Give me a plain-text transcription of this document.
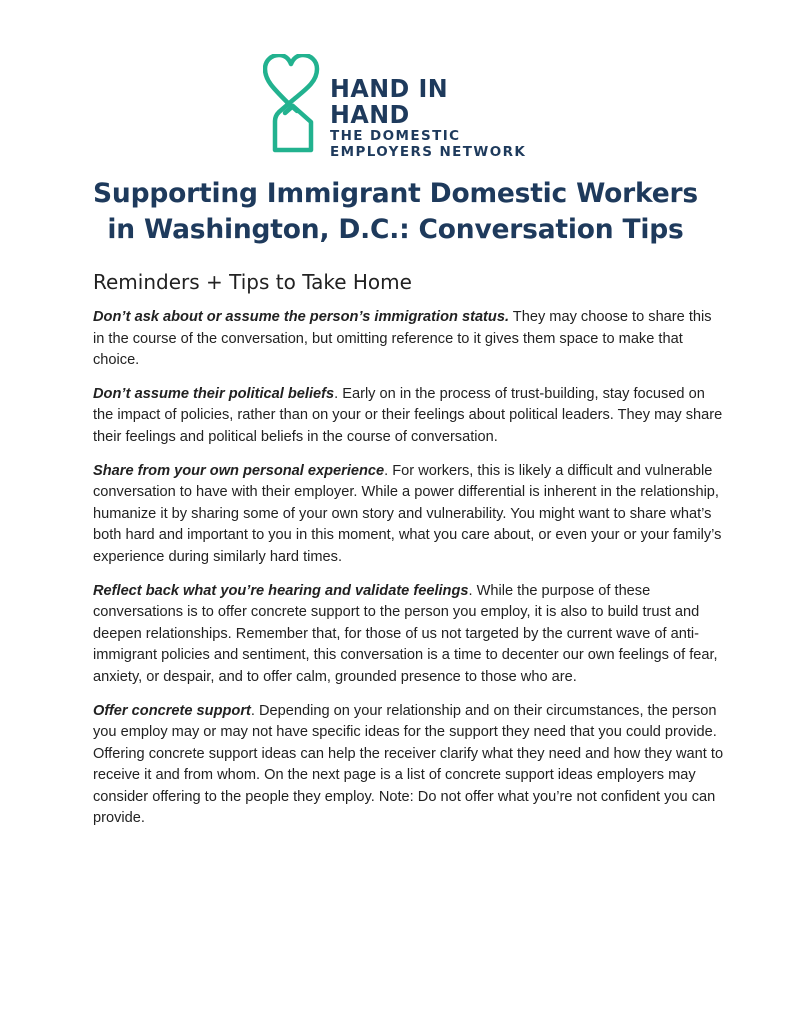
HAND IN HAND
THE DOMESTIC
EMPLOYERS NETWORK
Supporting Immigrant Domestic Workers
in Washington, D.C.: Conversation Tips
Reminders + Tips to Take Home

Don’t ask about or assume the person’s immigration status. They may choose to share this in the course of the conversation, but omitting reference to it gives them space to make that choice.

Don’t assume their political beliefs. Early on in the process of trust-building, stay focused on the impact of policies, rather than on your or their feelings about political leaders. They may share their feelings and political beliefs in the course of conversation.

Share from your own personal experience. For workers, this is likely a difficult and vulnerable conversation to have with their employer. While a power differential is inherent in the relationship, humanize it by sharing some of your own story and vulnerability. You might want to share what’s both hard and important to you in this moment, what you care about, or even your or your family’s experience during similarly hard times.

Reflect back what you’re hearing and validate feelings. While the purpose of these conversations is to offer concrete support to the person you employ, it is also to build trust and deepen relationships. Remember that, for those of us not targeted by the current wave of anti-immigrant policies and sentiment, this conversation is a time to decenter our own feelings of fear, anxiety, or despair, and to offer calm, grounded presence to those who are.

Offer concrete support. Depending on your relationship and on their circumstances, the person you employ may or may not have specific ideas for the support they need that you could provide. Offering concrete support ideas can help the receiver clarify what they need and how they want to receive it and from whom. On the next page is a list of concrete support ideas employers may consider offering to the people they employ. Note: Do not offer what you’re not confident you can provide.
